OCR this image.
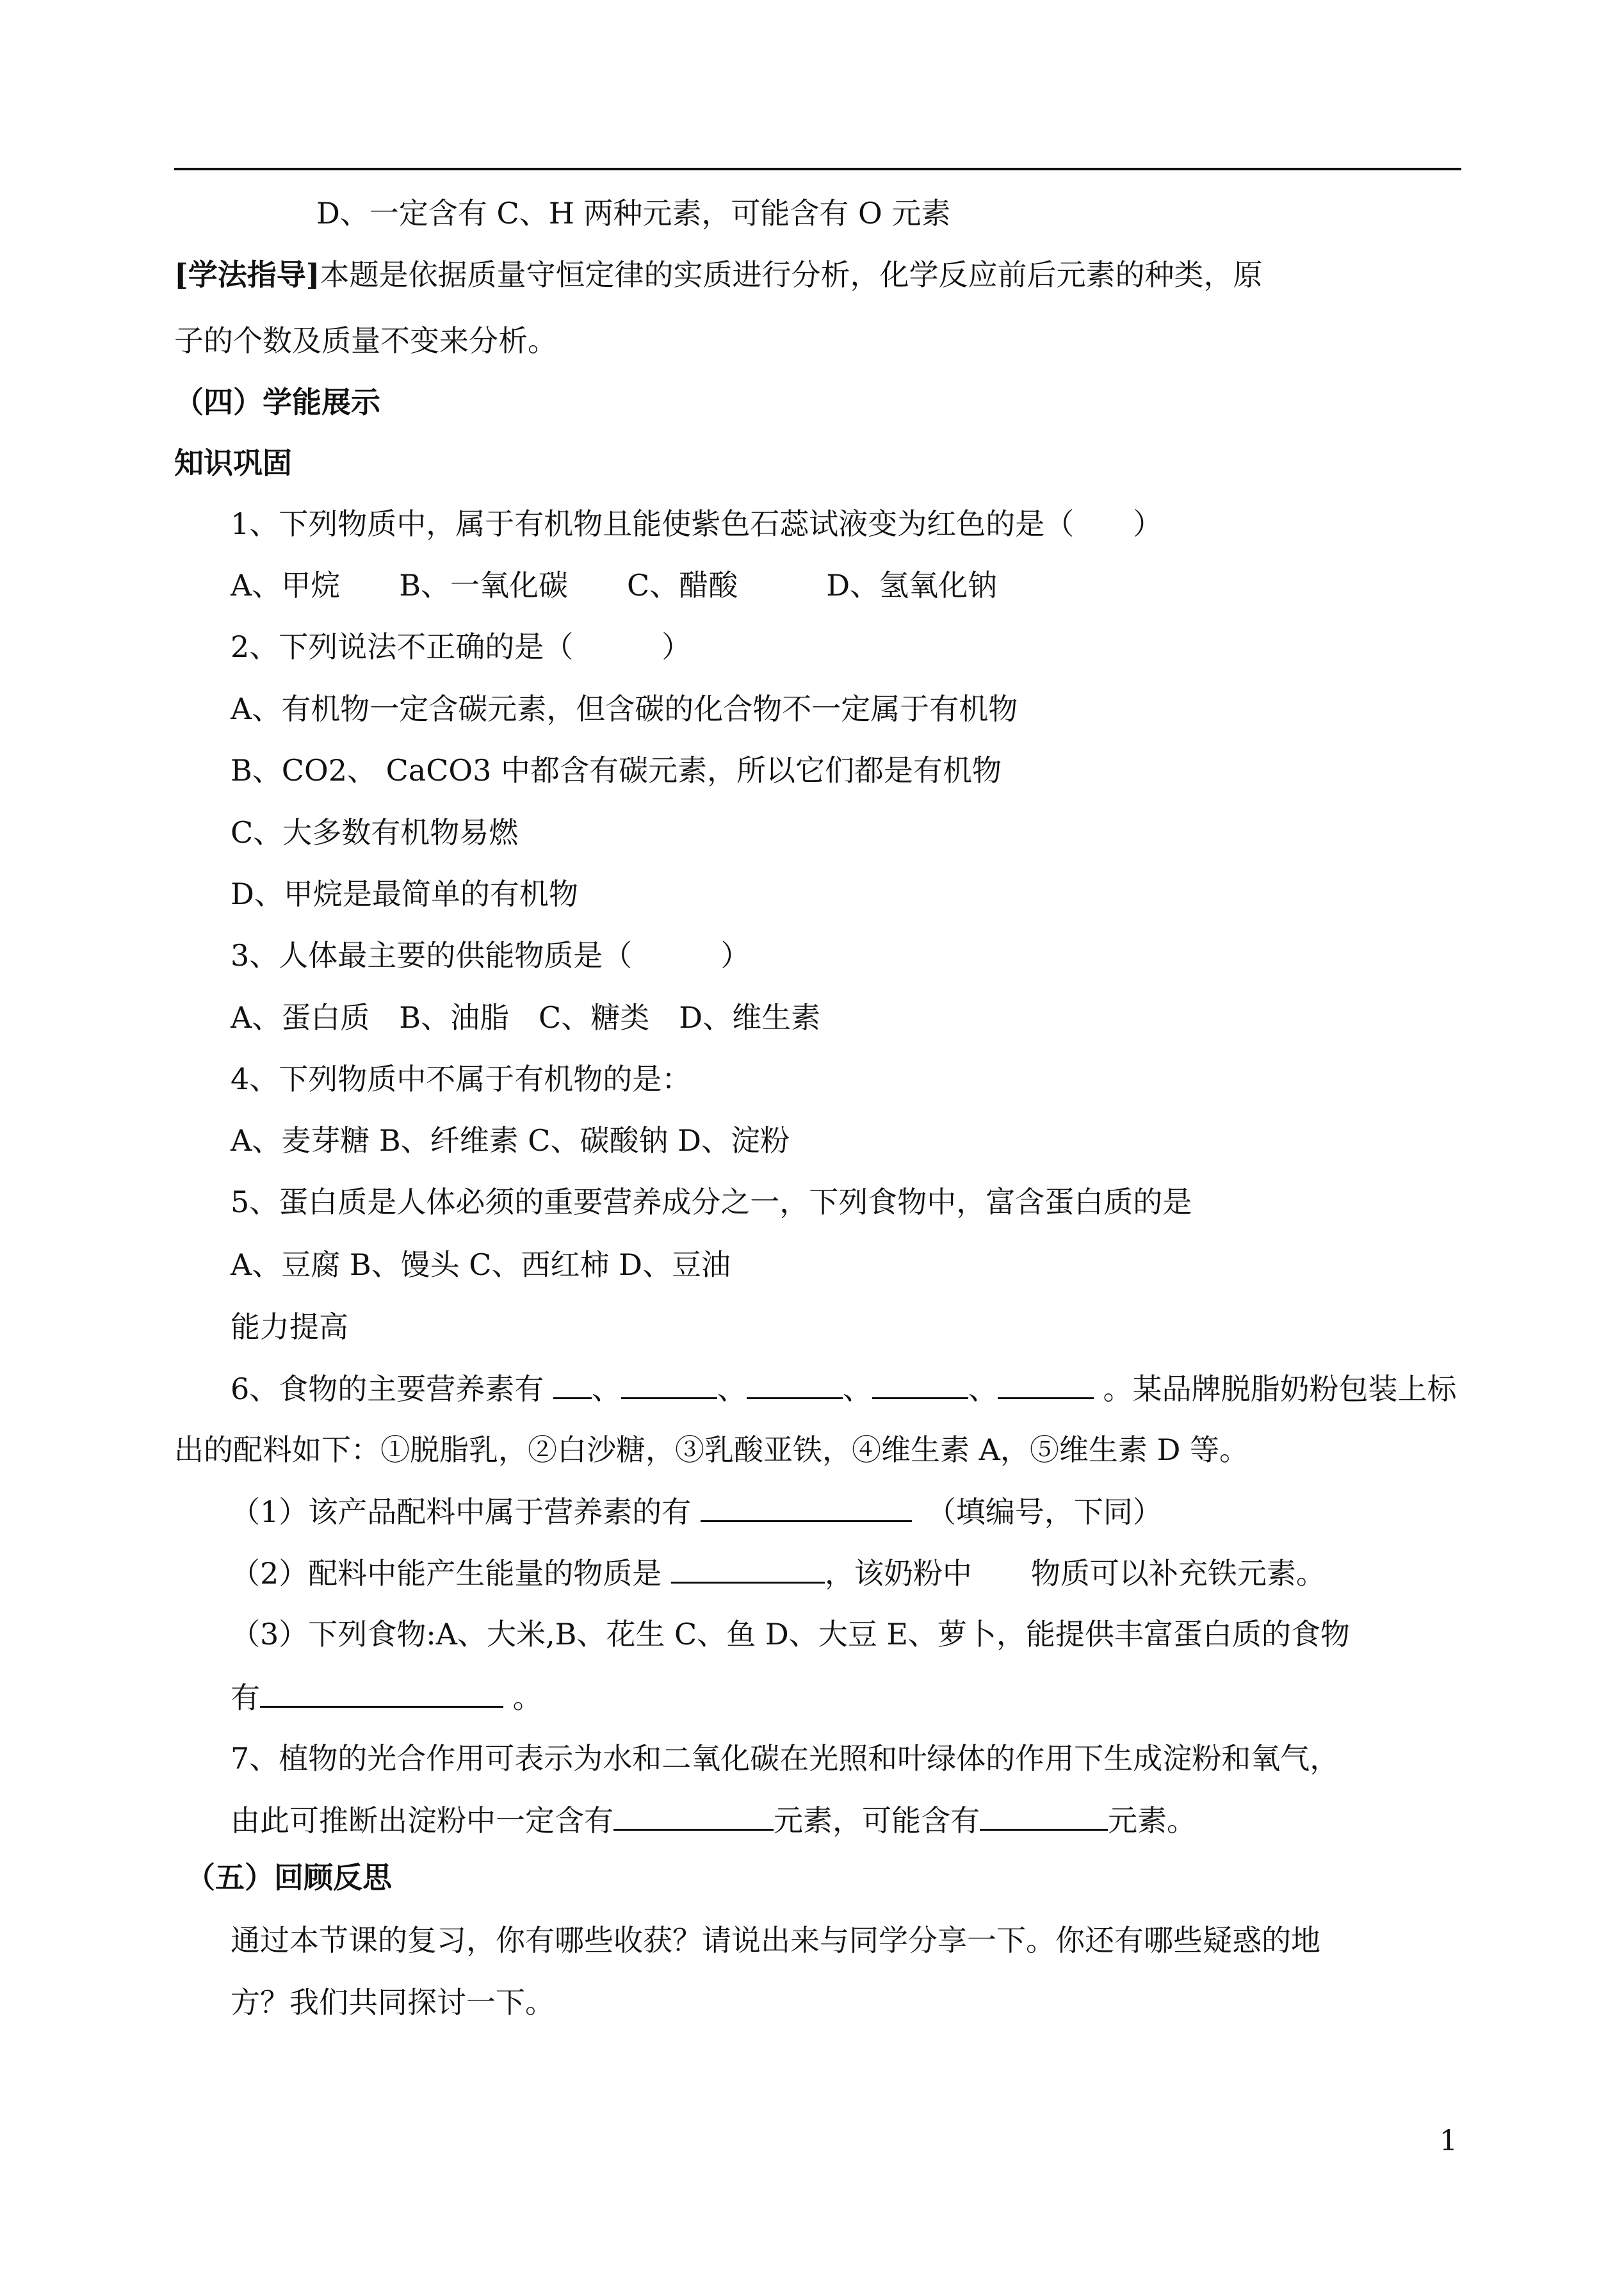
D、一定含有 C、H 两种元素，可能含有 O 元素
[学法指导]本题是依据质量守恒定律的实质进行分析，化学反应前后元素的种类，原
子的个数及质量不变来分析。
（四）学能展示
知识巩固
1、下列物质中，属于有机物且能使紫色石蕊试液变为红色的是（　　）
A、甲烷　　B、一氧化碳　　C、醋酸　　　D、氢氧化钠
2、下列说法不正确的是（　　　）
A、有机物一定含碳元素，但含碳的化合物不一定属于有机物
B、CO2、 CaCO3 中都含有碳元素，所以它们都是有机物
C、大多数有机物易燃
D、甲烷是最简单的有机物
3、人体最主要的供能物质是（　　　）
A、蛋白质　B、油脂　C、糖类　D、维生素
4、下列物质中不属于有机物的是：
A、麦芽糖 B、纤维素 C、碳酸钠 D、淀粉
5、蛋白质是人体必须的重要营养成分之一，下列食物中，富含蛋白质的是
A、豆腐 B、馒头 C、西红柿 D、豆油
能力提高
6、食物的主要营养素有 、	、	、	、	。某品牌脱脂奶粉包装上标
出的配料如下：①脱脂乳，②白沙糖，③乳酸亚铁，④维生素 A，⑤维生素 D 等。
（1）该产品配料中属于营养素的有 　	（填编号，下同）
（2）配料中能产生能量的物质是	，该奶粉中　　物质可以补充铁元素。
（3）下列食物:A、大米,B、花生 C、鱼 D、大豆 E、萝卜，能提供丰富蛋白质的食物
有	。
7、植物的光合作用可表示为水和二氧化碳在光照和叶绿体的作用下生成淀粉和氧气，
由此可推断出淀粉中一定含有	元素，可能含有	元素。
（五）回顾反思
通过本节课的复习，你有哪些收获？请说出来与同学分享一下。你还有哪些疑惑的地
方？我们共同探讨一下。
1
